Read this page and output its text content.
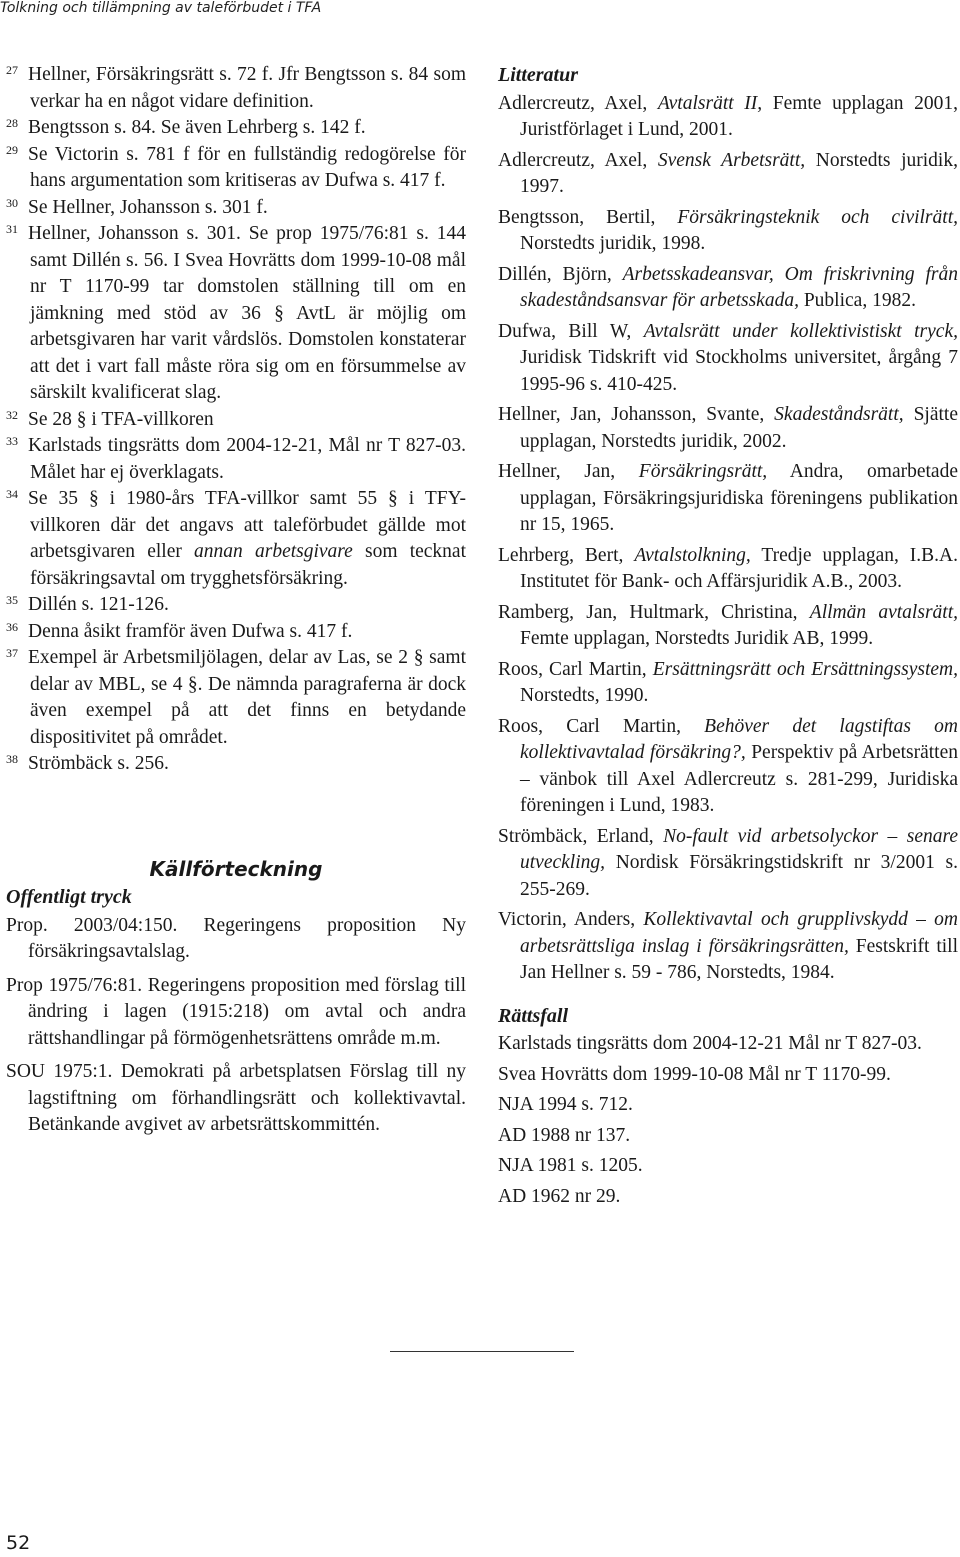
Tolkning och tillämpning av taleförbudet i TFA

27 Hellner, Försäkringsrätt s. 72 f. Jfr Bengtsson s. 84 som verkar ha en något vidare definition.

28 Bengtsson s. 84. Se även Lehrberg s. 142 f.

29 Se Victorin s. 781 f för en fullständig redogörelse för hans argumentation som kritiseras av Dufwa s. 417 f.

30 Se Hellner, Johansson s. 301 f.

31 Hellner, Johansson s. 301. Se prop 1975/76:81 s. 144 samt Dillén s. 56. I Svea Hovrätts dom 1999-10-08 mål nr T 1170-99 tar domstolen ställning till om en jämkning med stöd av 36 § AvtL är möjlig om arbetsgivaren har varit vårdslös. Domstolen konstaterar att det i vart fall måste röra sig om en försummelse av särskilt kvalificerat slag.

32 Se 28 § i TFA-villkoren

33 Karlstads tingsrätts dom 2004-12-21, Mål nr T 827-03. Målet har ej överklagats.

34 Se 35 § i 1980-års TFA-villkor samt 55 § i TFY-villkoren där det angavs att taleförbudet gällde mot arbetsgivaren eller annan arbetsgivare som tecknat försäkringsavtal om trygghetsförsäkring.

35 Dillén s. 121-126.

36 Denna åsikt framför även Dufwa s. 417 f.

37 Exempel är Arbetsmiljölagen, delar av Las, se 2 § samt delar av MBL, se 4 §. De nämnda paragraferna är dock även exempel på att det finns en betydande dispositivitet på området.

38 Strömbäck s. 256.

Källförteckning
Offentligt tryck

Prop. 2003/04:150. Regeringens proposition Ny försäkringsavtalslag.

Prop 1975/76:81. Regeringens proposition med förslag till ändring i lagen (1915:218) om avtal och andra rättshandlingar på förmögenhetsrättens område m.m.

SOU 1975:1. Demokrati på arbetsplatsen Förslag till ny lagstiftning om förhandlingsrätt och kollektivavtal. Betänkande avgivet av arbetsrättskommittén.

Litteratur

Adlercreutz, Axel, Avtalsrätt II, Femte upplagan 2001, Juristförlaget i Lund, 2001.

Adlercreutz, Axel, Svensk Arbetsrätt, Norstedts juridik, 1997.

Bengtsson, Bertil, Försäkringsteknik och civilrätt, Norstedts juridik, 1998.

Dillén, Björn, Arbetsskadeansvar, Om friskrivning från skadeståndsansvar för arbetsskada, Publica, 1982.

Dufwa, Bill W, Avtalsrätt under kollektivistiskt tryck, Juridisk Tidskrift vid Stockholms universitet, årgång 7 1995-96 s. 410-425.

Hellner, Jan, Johansson, Svante, Skadeståndsrätt, Sjätte upplagan, Norstedts juridik, 2002.

Hellner, Jan, Försäkringsrätt, Andra, omarbetade upplagan, Försäkringsjuridiska föreningens publikation nr 15, 1965.

Lehrberg, Bert, Avtalstolkning, Tredje upplagan, I.B.A. Institutet för Bank- och Affärsjuridik A.B., 2003.

Ramberg, Jan, Hultmark, Christina, Allmän avtalsrätt, Femte upplagan, Norstedts Juridik AB, 1999.

Roos, Carl Martin, Ersättningsrätt och Ersättningssystem, Norstedts, 1990.

Roos, Carl Martin, Behöver det lagstiftas om kollektivavtalad försäkring?, Perspektiv på Arbetsrätten – vänbok till Axel Adlercreutz s. 281-299, Juridiska föreningen i Lund, 1983.

Strömbäck, Erland, No-fault vid arbetsolyckor – senare utveckling, Nordisk Försäkringstidskrift nr 3/2001 s. 255-269.

Victorin, Anders, Kollektivavtal och grupplivskydd – om arbetsrättsliga inslag i försäkringsrätten, Festskrift till Jan Hellner s. 59 - 786, Norstedts, 1984.

Rättsfall

Karlstads tingsrätts dom 2004-12-21 Mål nr T 827-03.

Svea Hovrätts dom 1999-10-08 Mål nr T 1170-99.

NJA 1994 s. 712.

AD 1988 nr 137.

NJA 1981 s. 1205.

AD 1962 nr 29.

52
